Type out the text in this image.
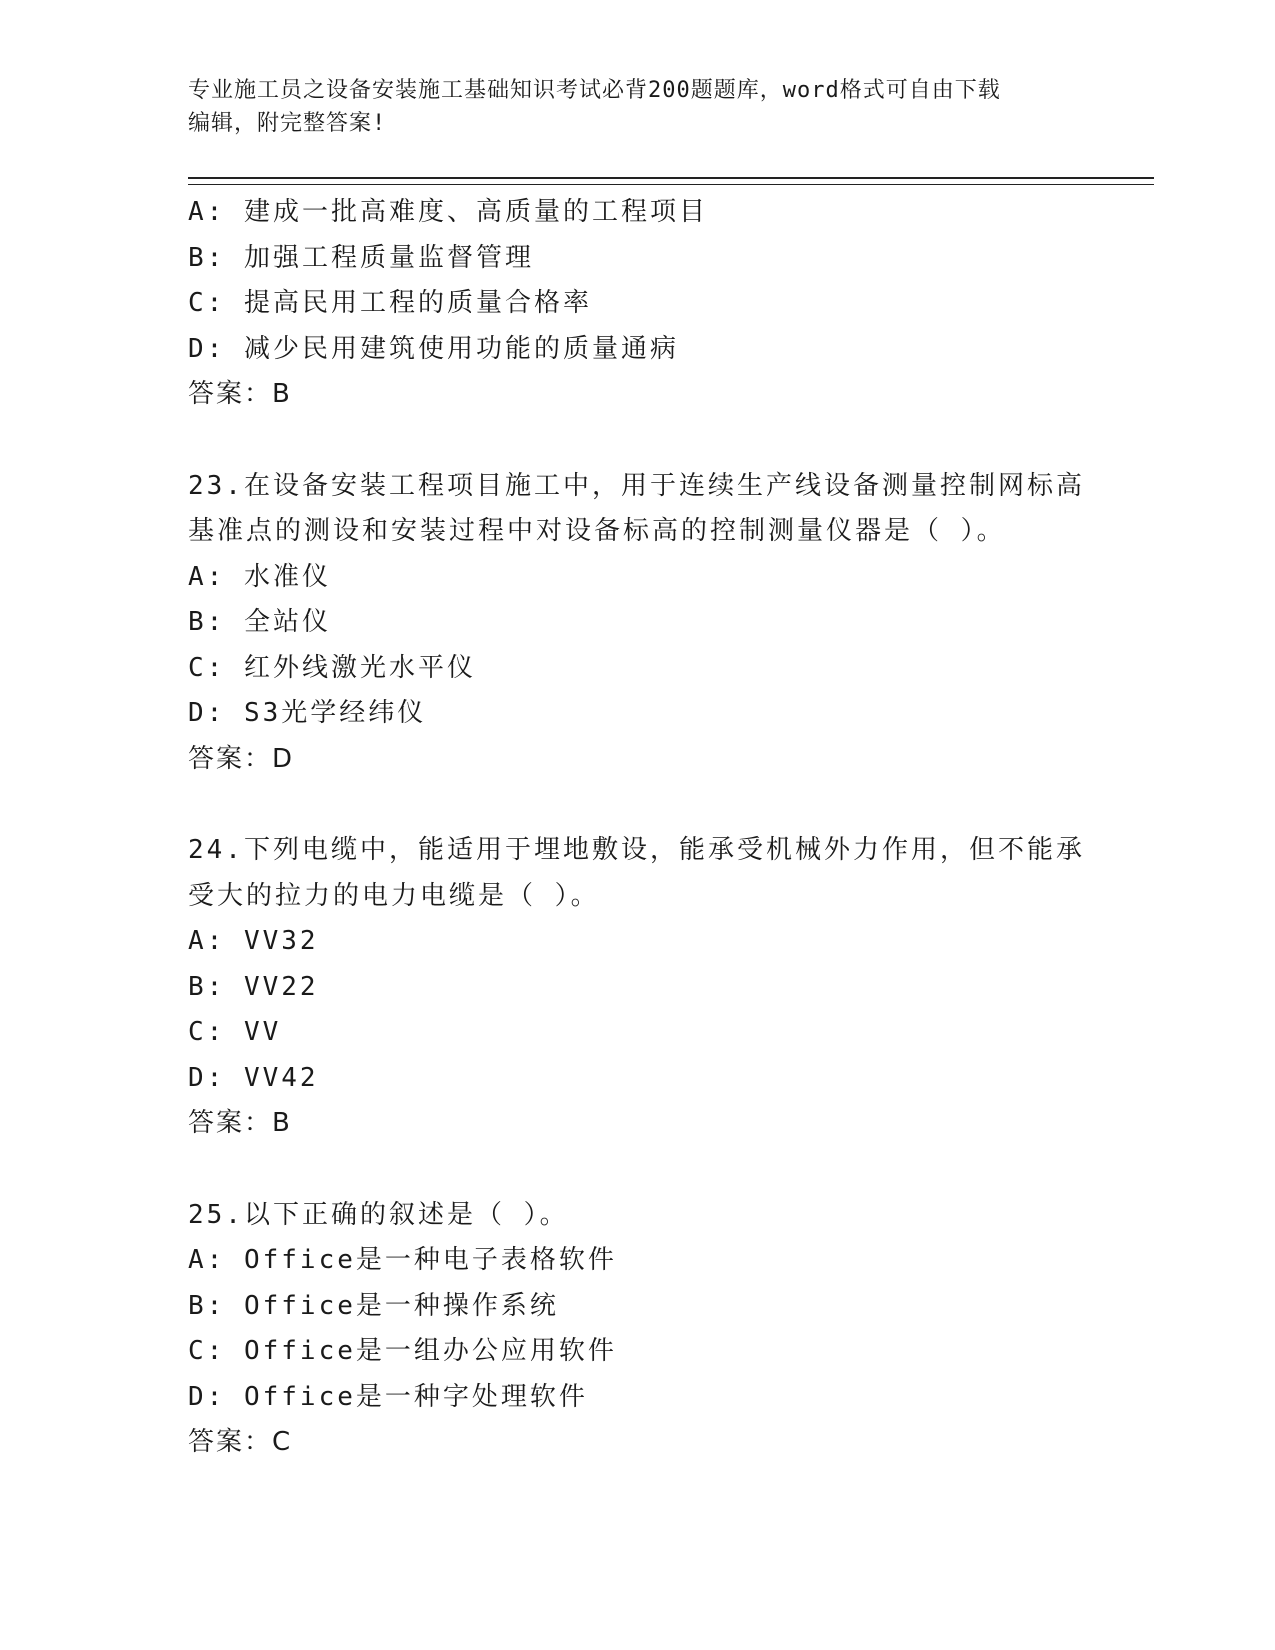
专业施工员之设备安装施工基础知识考试必背200题题库，word格式可自由下载
编辑，附完整答案!
A: 建成一批高难度、高质量的工程项目
B: 加强工程质量监督管理
C: 提高民用工程的质量合格率
D: 减少民用建筑使用功能的质量通病
答案：B
23.在设备安装工程项目施工中，用于连续生产线设备测量控制网标高
基准点的测设和安装过程中对设备标高的控制测量仪器是（ ）。
A: 水准仪
B: 全站仪
C: 红外线激光水平仪
D: S3光学经纬仪
答案：D
24.下列电缆中，能适用于埋地敷设，能承受机械外力作用，但不能承
受大的拉力的电力电缆是（ ）。
A: VV32
B: VV22
C: VV
D: VV42
答案：B
25.以下正确的叙述是（ ）。
A: Office是一种电子表格软件
B: Office是一种操作系统
C: Office是一组办公应用软件
D: Office是一种字处理软件
答案：C
